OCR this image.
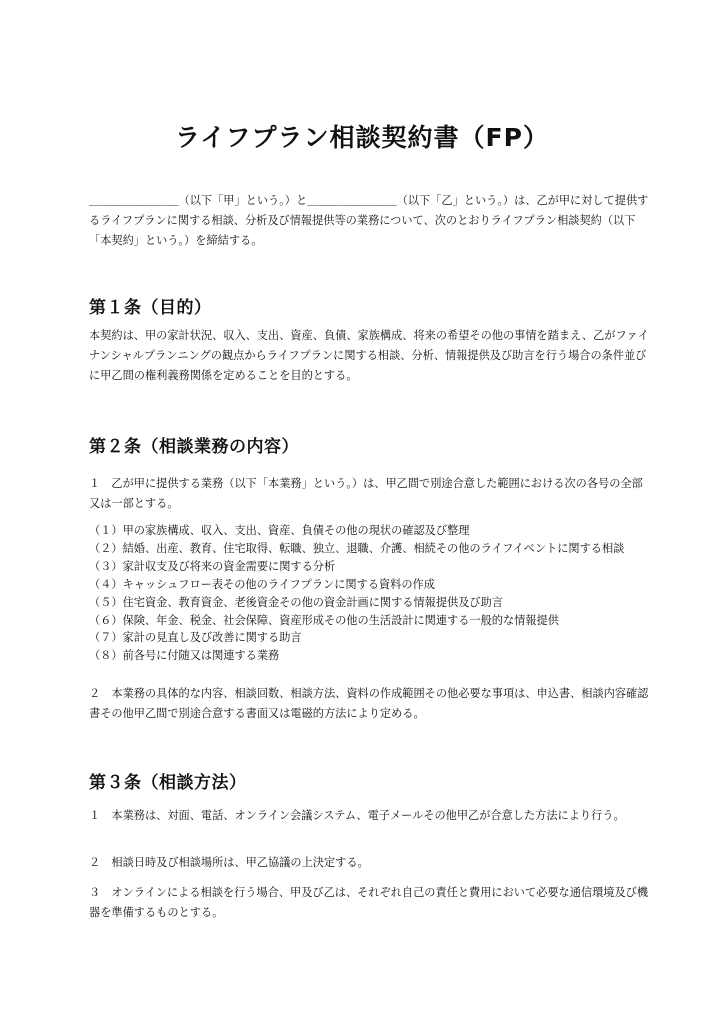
ライフプラン相談契約書（FP）

＿＿＿＿＿＿＿＿（以下「甲」という。）と＿＿＿＿＿＿＿＿（以下「乙」という。）は、乙が甲に対して提供するライフプランに関する相談、分析及び情報提供等の業務について、次のとおりライフプラン相談契約（以下「本契約」という。）を締結する。

第１条（目的）

本契約は、甲の家計状況、収入、支出、資産、負債、家族構成、将来の希望その他の事情を踏まえ、乙がファイナンシャルプランニングの観点からライフプランに関する相談、分析、情報提供及び助言を行う場合の条件並びに甲乙間の権利義務関係を定めることを目的とする。

第２条（相談業務の内容）

１　乙が甲に提供する業務（以下「本業務」という。）は、甲乙間で別途合意した範囲における次の各号の全部又は一部とする。

（１）甲の家族構成、収入、支出、資産、負債その他の現状の確認及び整理
（２）結婚、出産、教育、住宅取得、転職、独立、退職、介護、相続その他のライフイベントに関する相談
（３）家計収支及び将来の資金需要に関する分析
（４）キャッシュフロー表その他のライフプランに関する資料の作成
（５）住宅資金、教育資金、老後資金その他の資金計画に関する情報提供及び助言
（６）保険、年金、税金、社会保障、資産形成その他の生活設計に関連する一般的な情報提供
（７）家計の見直し及び改善に関する助言
（８）前各号に付随又は関連する業務

２　本業務の具体的な内容、相談回数、相談方法、資料の作成範囲その他必要な事項は、申込書、相談内容確認書その他甲乙間で別途合意する書面又は電磁的方法により定める。

第３条（相談方法）

１　本業務は、対面、電話、オンライン会議システム、電子メールその他甲乙が合意した方法により行う。

２　相談日時及び相談場所は、甲乙協議の上決定する。

３　オンラインによる相談を行う場合、甲及び乙は、それぞれ自己の責任と費用において必要な通信環境及び機器を準備するものとする。
